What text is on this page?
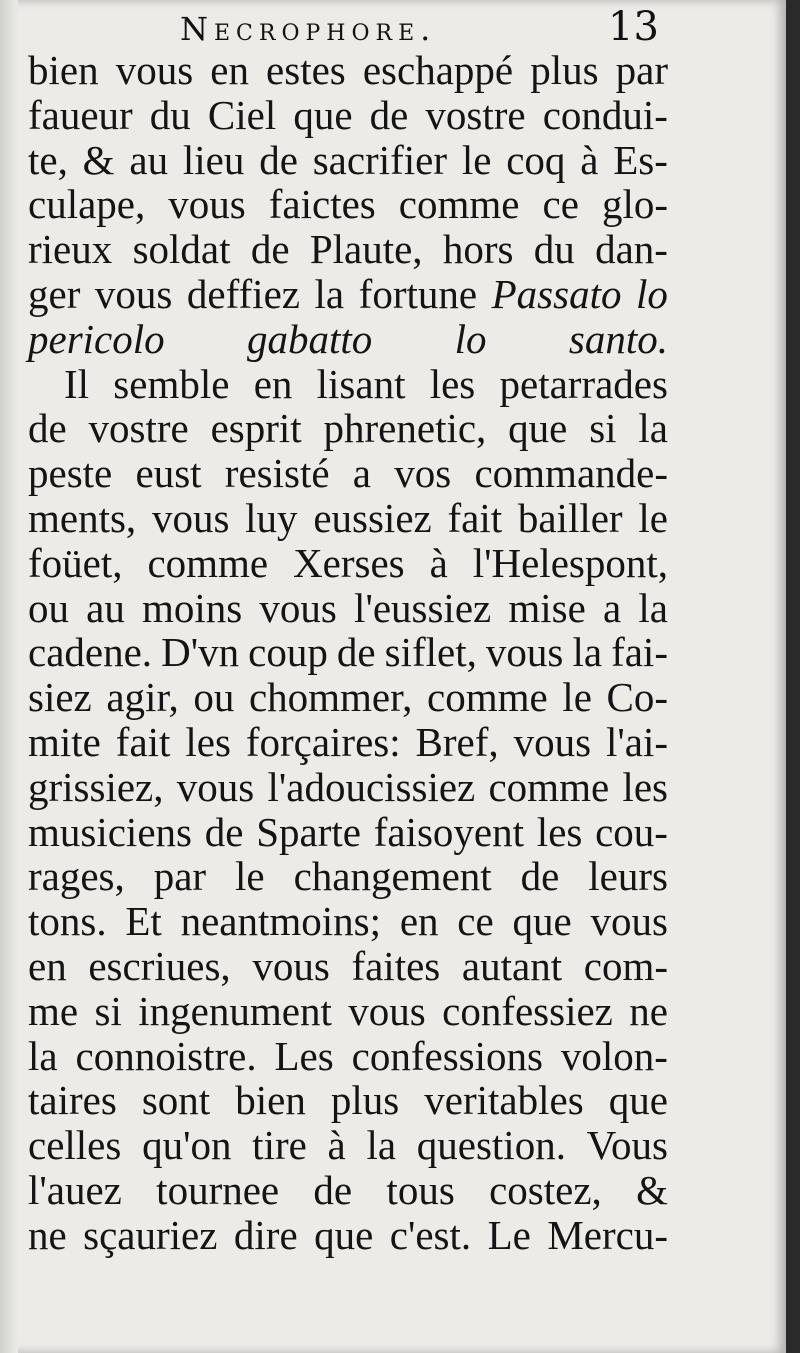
Necrophore.	13
bien vous en estes eschappé plus par
faueur du Ciel que de vostre condui-
te, & au lieu de sacrifier le coq à Es-
culape, vous faictes comme ce glo-
rieux soldat de Plaute, hors du dan-
ger vous deffiez la fortune Passato lo
pericolo gabatto lo santo.
Il semble en lisant les petarrades
de vostre esprit phrenetic, que si la
peste eust resisté a vos commande-
ments, vous luy eussiez fait bailler le
foüet, comme Xerses à l'Helespont,
ou au moins vous l'eussiez mise a la
cadene. D'vn coup de siflet, vous la fai-
siez agir, ou chommer, comme le Co-
mite fait les forçaires: Bref, vous l'ai-
grissiez, vous l'adoucissiez comme les
musiciens de Sparte faisoyent les cou-
rages, par le changement de leurs
tons. Et neantmoins; en ce que vous
en escriues, vous faites autant com-
me si ingenument vous confessiez ne
la connoistre. Les confessions volon-
taires sont bien plus veritables que
celles qu'on tire à la question. Vous
l'auez tournee de tous costez, &
ne sçauriez dire que c'est. Le Mercu-
